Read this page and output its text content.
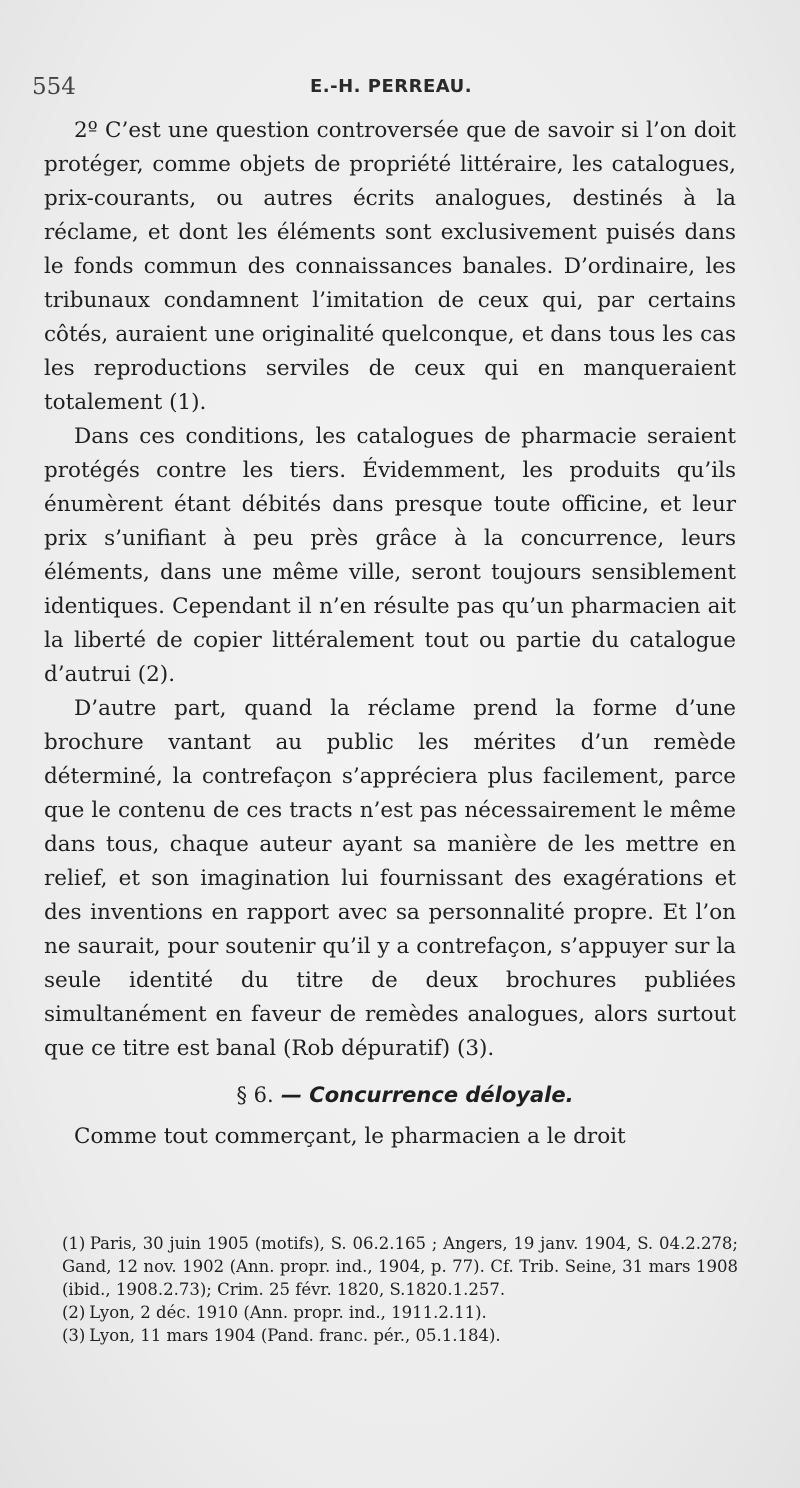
554	E.-H. PERREAU.

2º C’est une question controversée que de savoir si l’on doit protéger, comme objets de propriété littéraire, les catalogues, prix-courants, ou autres écrits analogues, destinés à la réclame, et dont les éléments sont exclusivement puisés dans le fonds commun des connaissances banales. D’ordinaire, les tribunaux condamnent l’imitation de ceux qui, par certains côtés, auraient une originalité quelconque, et dans tous les cas les reproductions serviles de ceux qui en manqueraient totalement (1).

Dans ces conditions, les catalogues de pharmacie seraient protégés contre les tiers. Évidemment, les produits qu’ils énumèrent étant débités dans presque toute officine, et leur prix s’unifiant à peu près grâce à la concurrence, leurs éléments, dans une même ville, seront toujours sensiblement identiques. Cependant il n’en résulte pas qu’un pharmacien ait la liberté de copier littéralement tout ou partie du catalogue d’autrui (2).

D’autre part, quand la réclame prend la forme d’une brochure vantant au public les mérites d’un remède déterminé, la contrefaçon s’appréciera plus facilement, parce que le contenu de ces tracts n’est pas nécessairement le même dans tous, chaque auteur ayant sa manière de les mettre en relief, et son imagination lui fournissant des exagérations et des inventions en rapport avec sa personnalité propre. Et l’on ne saurait, pour soutenir qu’il y a contrefaçon, s’appuyer sur la seule identité du titre de deux brochures publiées simultanément en faveur de remèdes analogues, alors surtout que ce titre est banal (Rob dépuratif) (3).

§ 6. — Concurrence déloyale.

Comme tout commerçant, le pharmacien a le droit

(1) Paris, 30 juin 1905 (motifs), S. 06.2.165 ; Angers, 19 janv. 1904, S. 04.2.278; Gand, 12 nov. 1902 (Ann. propr. ind., 1904, p. 77). Cf. Trib. Seine, 31 mars 1908 (ibid., 1908.2.73); Crim. 25 févr. 1820, S.1820.1.257.

(2) Lyon, 2 déc. 1910 (Ann. propr. ind., 1911.2.11).

(3) Lyon, 11 mars 1904 (Pand. franc. pér., 05.1.184).
